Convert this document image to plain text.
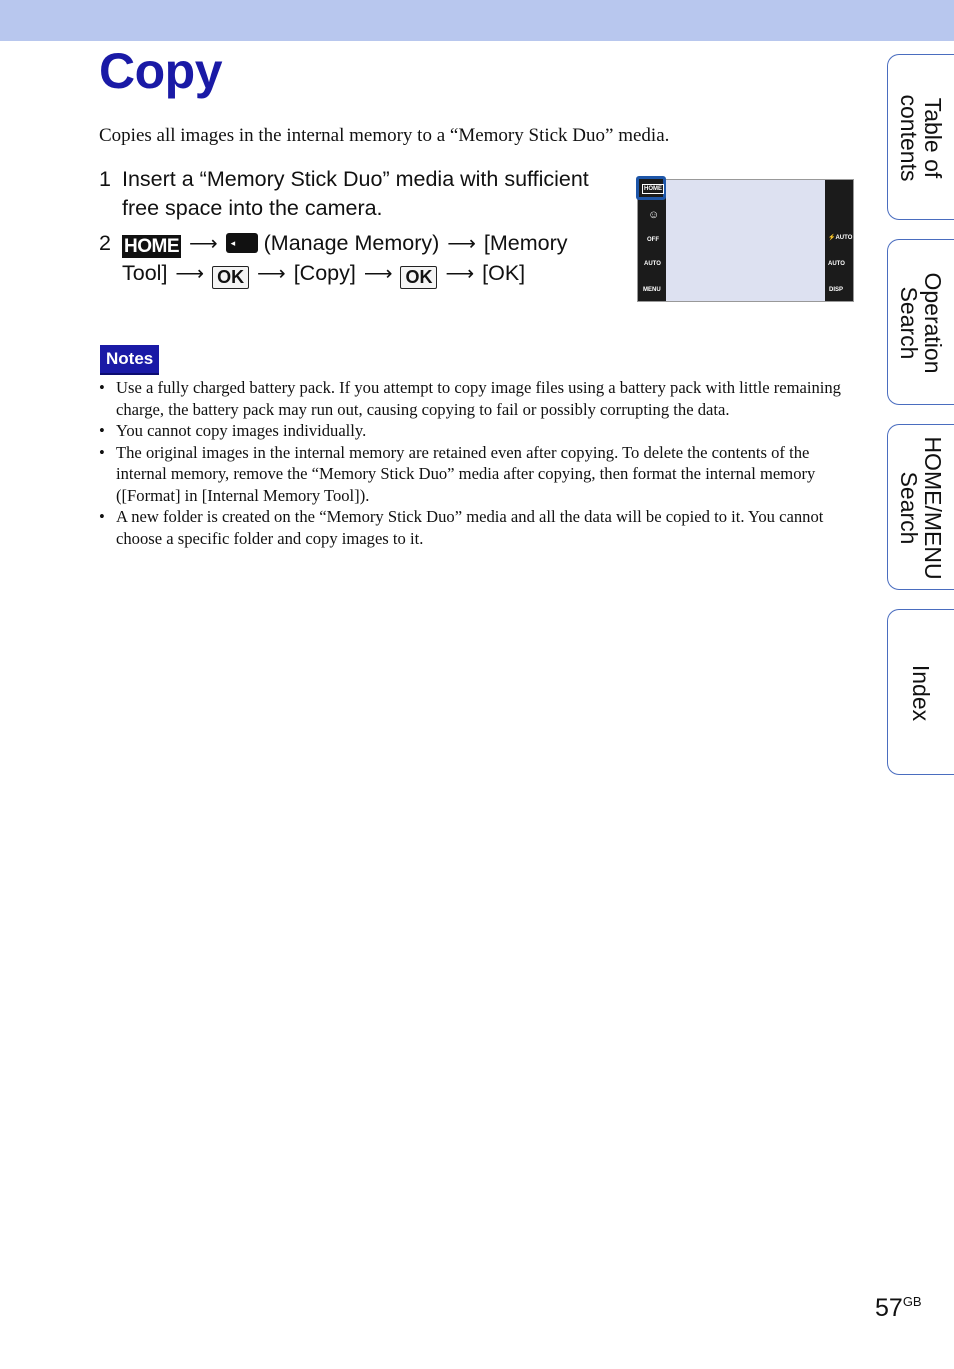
Copy
Copies all images in the internal memory to a “Memory Stick Duo” media.
1 Insert a “Memory Stick Duo” media with sufficient
free space into the camera.
2 HOME ⟶ ◂ (Manage Memory) ⟶ [Memory
Tool] ⟶ OK ⟶ [Copy] ⟶ OK ⟶ [OK]
☺
OFF
AUTO
MENU
⚡AUTO
AUTO
DISP
HOME
Notes
• Use a fully charged battery pack. If you attempt to copy image files using a battery pack with little remaining charge, the battery pack may run out, causing copying to fail or possibly corrupting the data.
• You cannot copy images individually.
• The original images in the internal memory are retained even after copying. To delete the contents of the internal memory, remove the “Memory Stick Duo” media after copying, then format the internal memory ([Format] in [Internal Memory Tool]).
• A new folder is created on the “Memory Stick Duo” media and all the data will be copied to it. You cannot choose a specific folder and copy images to it.
Table of
contents
Operation
Search
HOME/MENU
Search
Index
$57^{GB}$
